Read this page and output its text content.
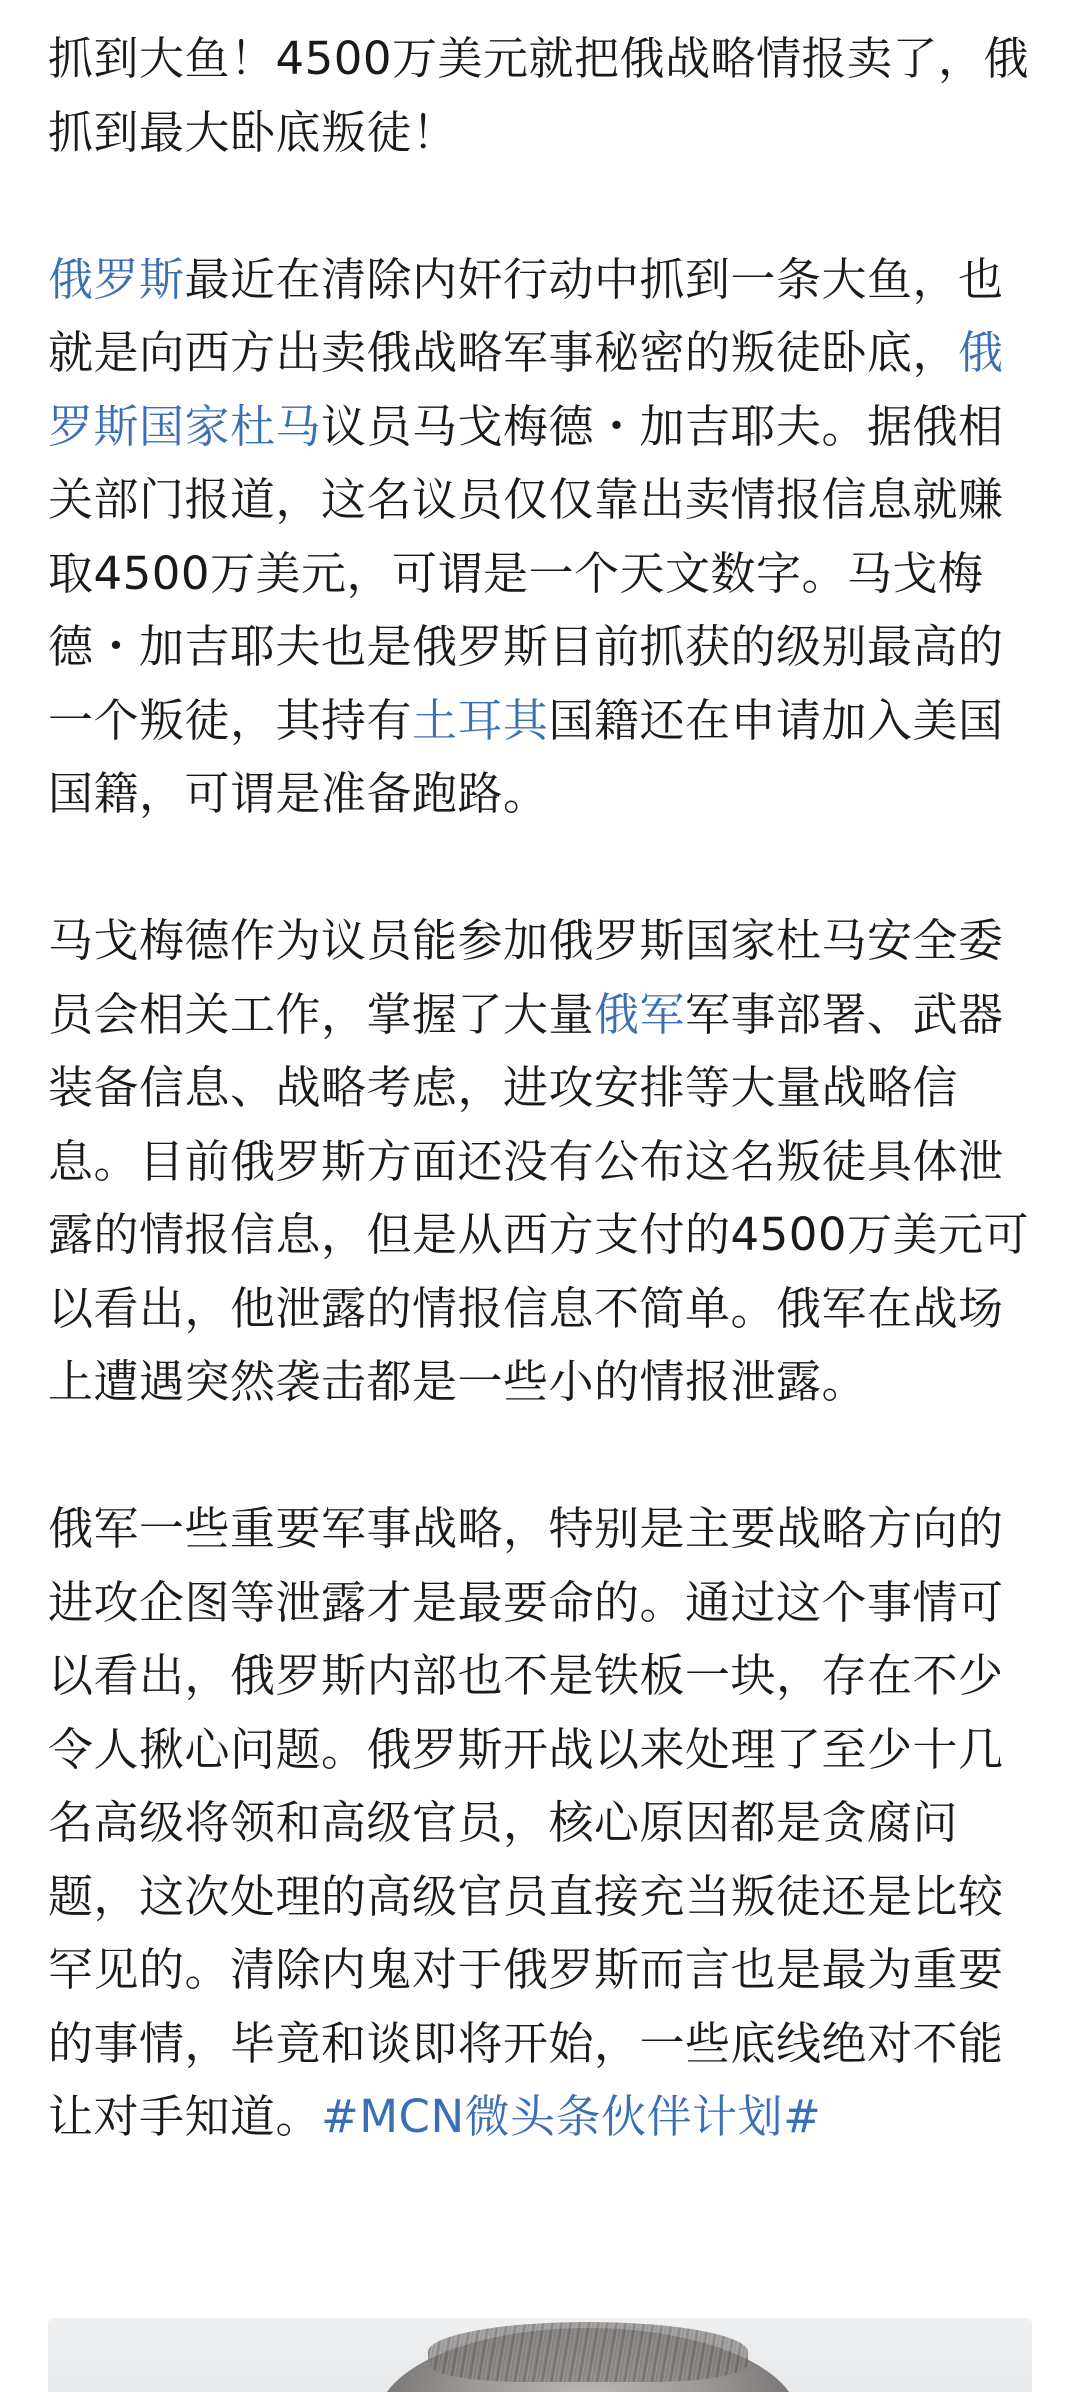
抓到大鱼！4500万美元就把俄战略情报卖了，俄抓到最大卧底叛徒！

俄罗斯最近在清除内奸行动中抓到一条大鱼，也就是向西方出卖俄战略军事秘密的叛徒卧底，俄罗斯国家杜马议员马戈梅德・加吉耶夫。据俄相关部门报道，这名议员仅仅靠出卖情报信息就赚取4500万美元，可谓是一个天文数字。马戈梅德・加吉耶夫也是俄罗斯目前抓获的级别最高的一个叛徒，其持有土耳其国籍还在申请加入美国国籍，可谓是准备跑路。

马戈梅德作为议员能参加俄罗斯国家杜马安全委员会相关工作，掌握了大量俄军军事部署、武器装备信息、战略考虑，进攻安排等大量战略信息。目前俄罗斯方面还没有公布这名叛徒具体泄露的情报信息，但是从西方支付的4500万美元可以看出，他泄露的情报信息不简单。俄军在战场上遭遇突然袭击都是一些小的情报泄露。

俄军一些重要军事战略，特别是主要战略方向的进攻企图等泄露才是最要命的。通过这个事情可以看出，俄罗斯内部也不是铁板一块，存在不少令人揪心问题。俄罗斯开战以来处理了至少十几名高级将领和高级官员，核心原因都是贪腐问题，这次处理的高级官员直接充当叛徒还是比较罕见的。清除内鬼对于俄罗斯而言也是最为重要的事情，毕竟和谈即将开始，一些底线绝对不能让对手知道。#MCN微头条伙伴计划#
